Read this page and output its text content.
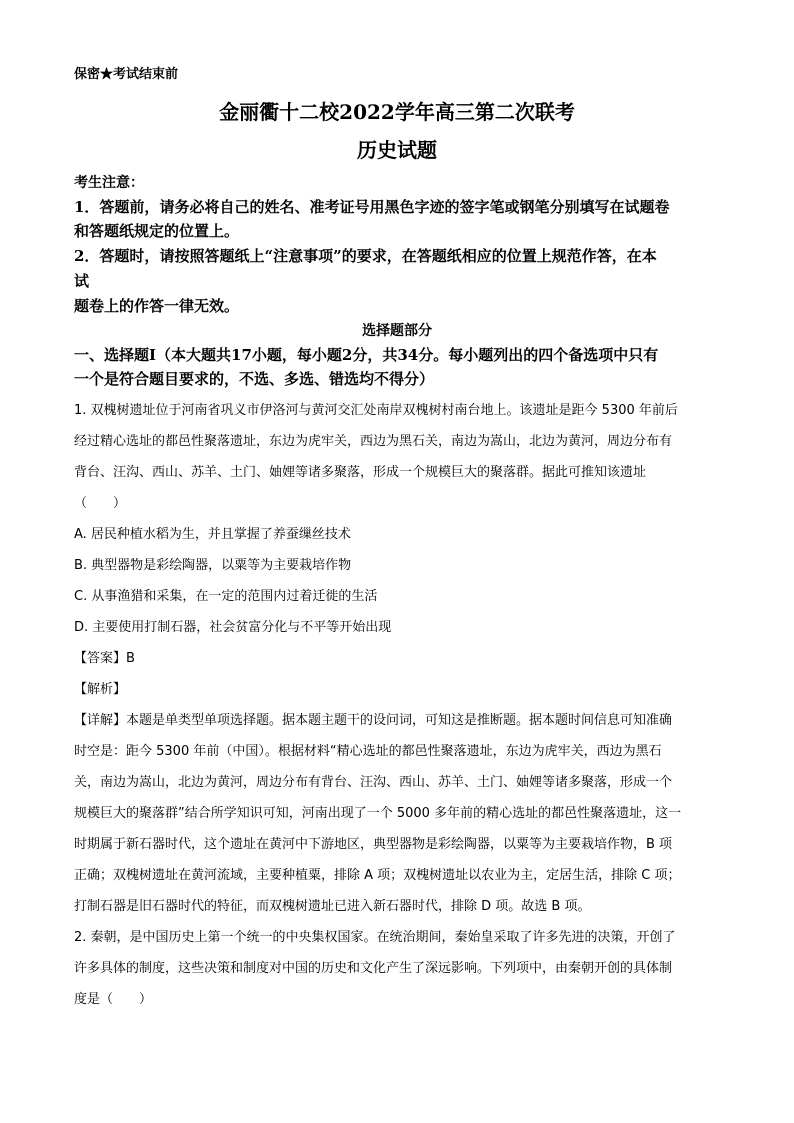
保密★考试结束前
金丽衢十二校2022学年高三第二次联考
历史试题
考生注意：
1．答题前，请务必将自己的姓名、准考证号用黑色字迹的签字笔或钢笔分别填写在试题卷
和答题纸规定的位置上。
2．答题时，请按照答题纸上“注意事项”的要求，在答题纸相应的位置上规范作答，在本
试
题卷上的作答一律无效。
选择题部分
一、选择题Ⅰ（本大题共17小题，每小题2分，共34分。每小题列出的四个备选项中只有
一个是符合题目要求的，不选、多选、错选均不得分）
1. 双槐树遗址位于河南省巩义市伊洛河与黄河交汇处南岸双槐树村南台地上。该遗址是距今 5300 年前后
经过精心选址的都邑性聚落遗址，东边为虎牢关，西边为黑石关，南边为嵩山，北边为黄河，周边分布有
背台、汪沟、西山、苏羊、土门、妯娌等诸多聚落，形成一个规模巨大的聚落群。据此可推知该遗址
（　　）
A. 居民种植水稻为生，并且掌握了养蚕缫丝技术
B. 典型器物是彩绘陶器，以粟等为主要栽培作物
C. 从事渔猎和采集，在一定的范围内过着迁徙的生活
D. 主要使用打制石器，社会贫富分化与不平等开始出现
【答案】B
【解析】
【详解】本题是单类型单项选择题。据本题主题干的设问词，可知这是推断题。据本题时间信息可知准确
时空是：距今 5300 年前（中国）。根据材料“精心选址的都邑性聚落遗址，东边为虎牢关，西边为黑石
关，南边为嵩山，北边为黄河，周边分布有背台、汪沟、西山、苏羊、土门、妯娌等诸多聚落，形成一个
规模巨大的聚落群”结合所学知识可知，河南出现了一个 5000 多年前的精心选址的都邑性聚落遗址，这一
时期属于新石器时代，这个遗址在黄河中下游地区，典型器物是彩绘陶器，以粟等为主要栽培作物，B 项
正确；双槐树遗址在黄河流域，主要种植粟，排除 A 项；双槐树遗址以农业为主，定居生活，排除 C 项；
打制石器是旧石器时代的特征，而双槐树遗址已进入新石器时代，排除 D 项。故选 B 项。
2. 秦朝，是中国历史上第一个统一的中央集权国家。在统治期间，秦始皇采取了许多先进的决策，开创了
许多具体的制度，这些决策和制度对中国的历史和文化产生了深远影响。下列项中，由秦朝开创的具体制
度是（　　）
